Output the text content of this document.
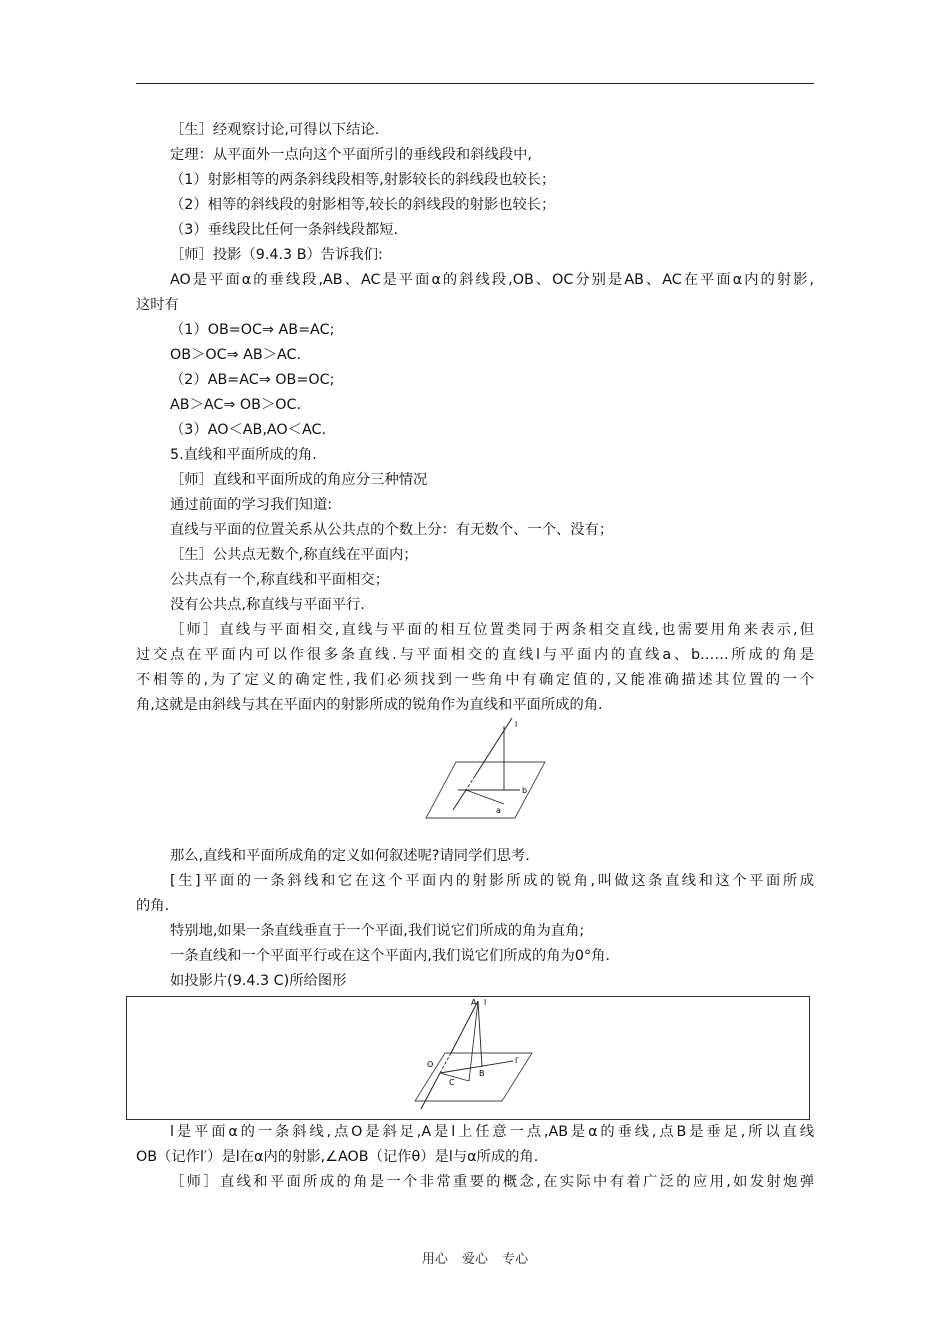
［生］经观察讨论,可得以下结论.
定理：从平面外一点向这个平面所引的垂线段和斜线段中,
（1）射影相等的两条斜线段相等,射影较长的斜线段也较长；
（2）相等的斜线段的射影相等,较长的斜线段的射影也较长；
（3）垂线段比任何一条斜线段都短.
［师］投影（9.4.3 B）告诉我们:
AO是平面α的垂线段,AB、AC是平面α的斜线段,OB、OC分别是AB、AC在平面α内的射影,
这时有
（1）OB=OC⇒ AB=AC;
OB＞OC⇒ AB＞AC.
（2）AB=AC⇒ OB=OC;
AB＞AC⇒ OB＞OC.
（3）AO＜AB,AO＜AC.
5.直线和平面所成的角.
［师］直线和平面所成的角应分三种情况
通过前面的学习我们知道:
直线与平面的位置关系从公共点的个数上分：有无数个、一个、没有；
［生］公共点无数个,称直线在平面内；
公共点有一个,称直线和平面相交；
没有公共点,称直线与平面平行.
［师］直线与平面相交,直线与平面的相互位置类同于两条相交直线,也需要用角来表示,但
过交点在平面内可以作很多条直线.与平面相交的直线l与平面内的直线a、b……所成的角是
不相等的,为了定义的确定性,我们必须找到一些角中有确定值的,又能准确描述其位置的一个
角,这就是由斜线与其在平面内的射影所成的锐角作为直线和平面所成的角.
l
b
a
那么,直线和平面所成角的定义如何叙述呢?请同学们思考.
[生]平面的一条斜线和它在这个平面内的射影所成的锐角,叫做这条直线和这个平面所成
的角.
特别地,如果一条直线垂直于一个平面,我们说它们所成的角为直角;
一条直线和一个平面平行或在这个平面内,我们说它们所成的角为0°角.
如投影片(9.4.3 C)所给图形
A l
O
B
C
l′
l是平面α的一条斜线,点O是斜足,A是l上任意一点,AB是α的垂线,点B是垂足,所以直线
OB（记作l′）是l在α内的射影,∠AOB（记作θ）是l与α所成的角.
［师］直线和平面所成的角是一个非常重要的概念,在实际中有着广泛的应用,如发射炮弹
用心 爱心 专心
